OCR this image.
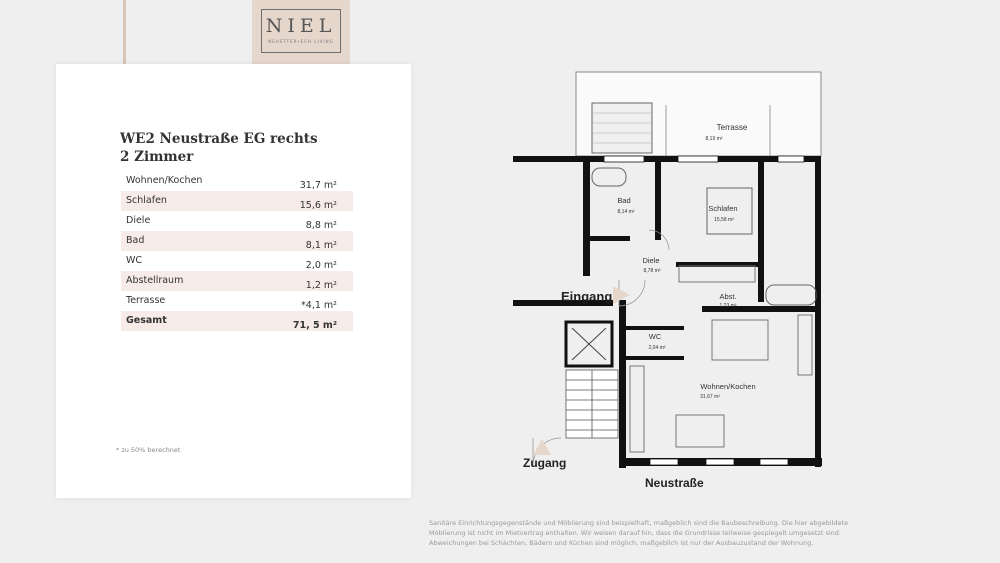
NIEL
NEUSTTER•ECH LIVING
WE2 Neustraße EG rechts
2 Zimmer
Wohnen/Kochen	31,7 m²
Schlafen	15,6 m²
Diele	8,8 m²
Bad	8,1 m²
WC	2,0 m²
Abstellraum	1,2 m²
Terrasse	*4,1 m²
Gesamt	71, 5 m²
* zu 50% berechnet
Terrasse
8,19 m²
Bad
8,14 m²	Schlafen
15,58 m²
Diele
8,78 m²
Abst.
1,23 m²
WC
2,04 m²
Wohnen/Kochen
31,67 m²
Eingang
Zugang
Neustraße
Sanitäre Einrichtungsgegenstände und Möblierung sind beispielhaft, maßgeblich sind die Baubeschreibung. Die hier abgebildete Möblierung ist nicht im Mietvertrag enthalten. Wir weisen darauf hin, dass die Grundrisse teilweise gespiegelt umgesetzt sind. Abweichungen bei Schächten, Bädern und Küchen sind möglich, maßgeblich ist nur der Ausbauzustand der Wohnung.
